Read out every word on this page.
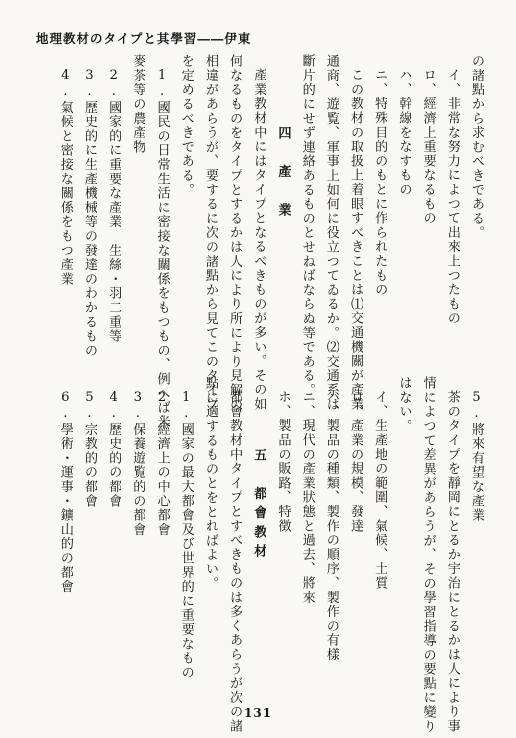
地理教材のタイプと其學習――伊東
の諸點から求むべきである。
イ、非常な努力によつて出來上つたもの
ロ、經濟上重要なるもの
ハ、幹線をなすもの
ニ、特殊目的のもとに作られたもの
この教材の取扱上着眼すべきことは⑴交通機關が產業
通商、遊覧、軍事上如何に役立つてゐるか。⑵交通系は
斷片的にせず連絡あるものとせねばならぬ等である。
四　產　業
產業教材中にはタイプとなるべきものが多い。その如
何なるものをタイプとするかは人により所により見解の
相違があらうが、要するに次の諸點から見てこのタイプ
を定めるべきである。
1.國民の日常生活に密接な關係をもつもの、例へば米
麥茶等の農產物
2.國家的に重要な產業　生絲・羽二重等
3.歷史的に生產機械等の發達のわかるもの
4.氣候と密接な關係をもつ產業
5.將來有望な產業
茶のタイプを靜岡にとるか宇治にとるかは人により事
情によつて差異があらうが、その學習指導の要點に變り
はない。
イ、生產地の範圍、氣候、土質
ロ、產業の規模、發達
ハ、製品の種類、製作の順序、製作の有樣
ニ、現代の產業狀態と過去、將來
ホ、製品の販路、特徴
五　都會教材
都會教材中タイプとすべきものは多くあらうが次の諸
點に適するものとをとればよい。
1.國家の最大都會及び世界的に重要なもの
2.經濟上の中心都會
3.保養遊覧的の都會
4.歷史的の都會
5.宗教的の都會
6.學術・運事・鑛山的の都會
131
